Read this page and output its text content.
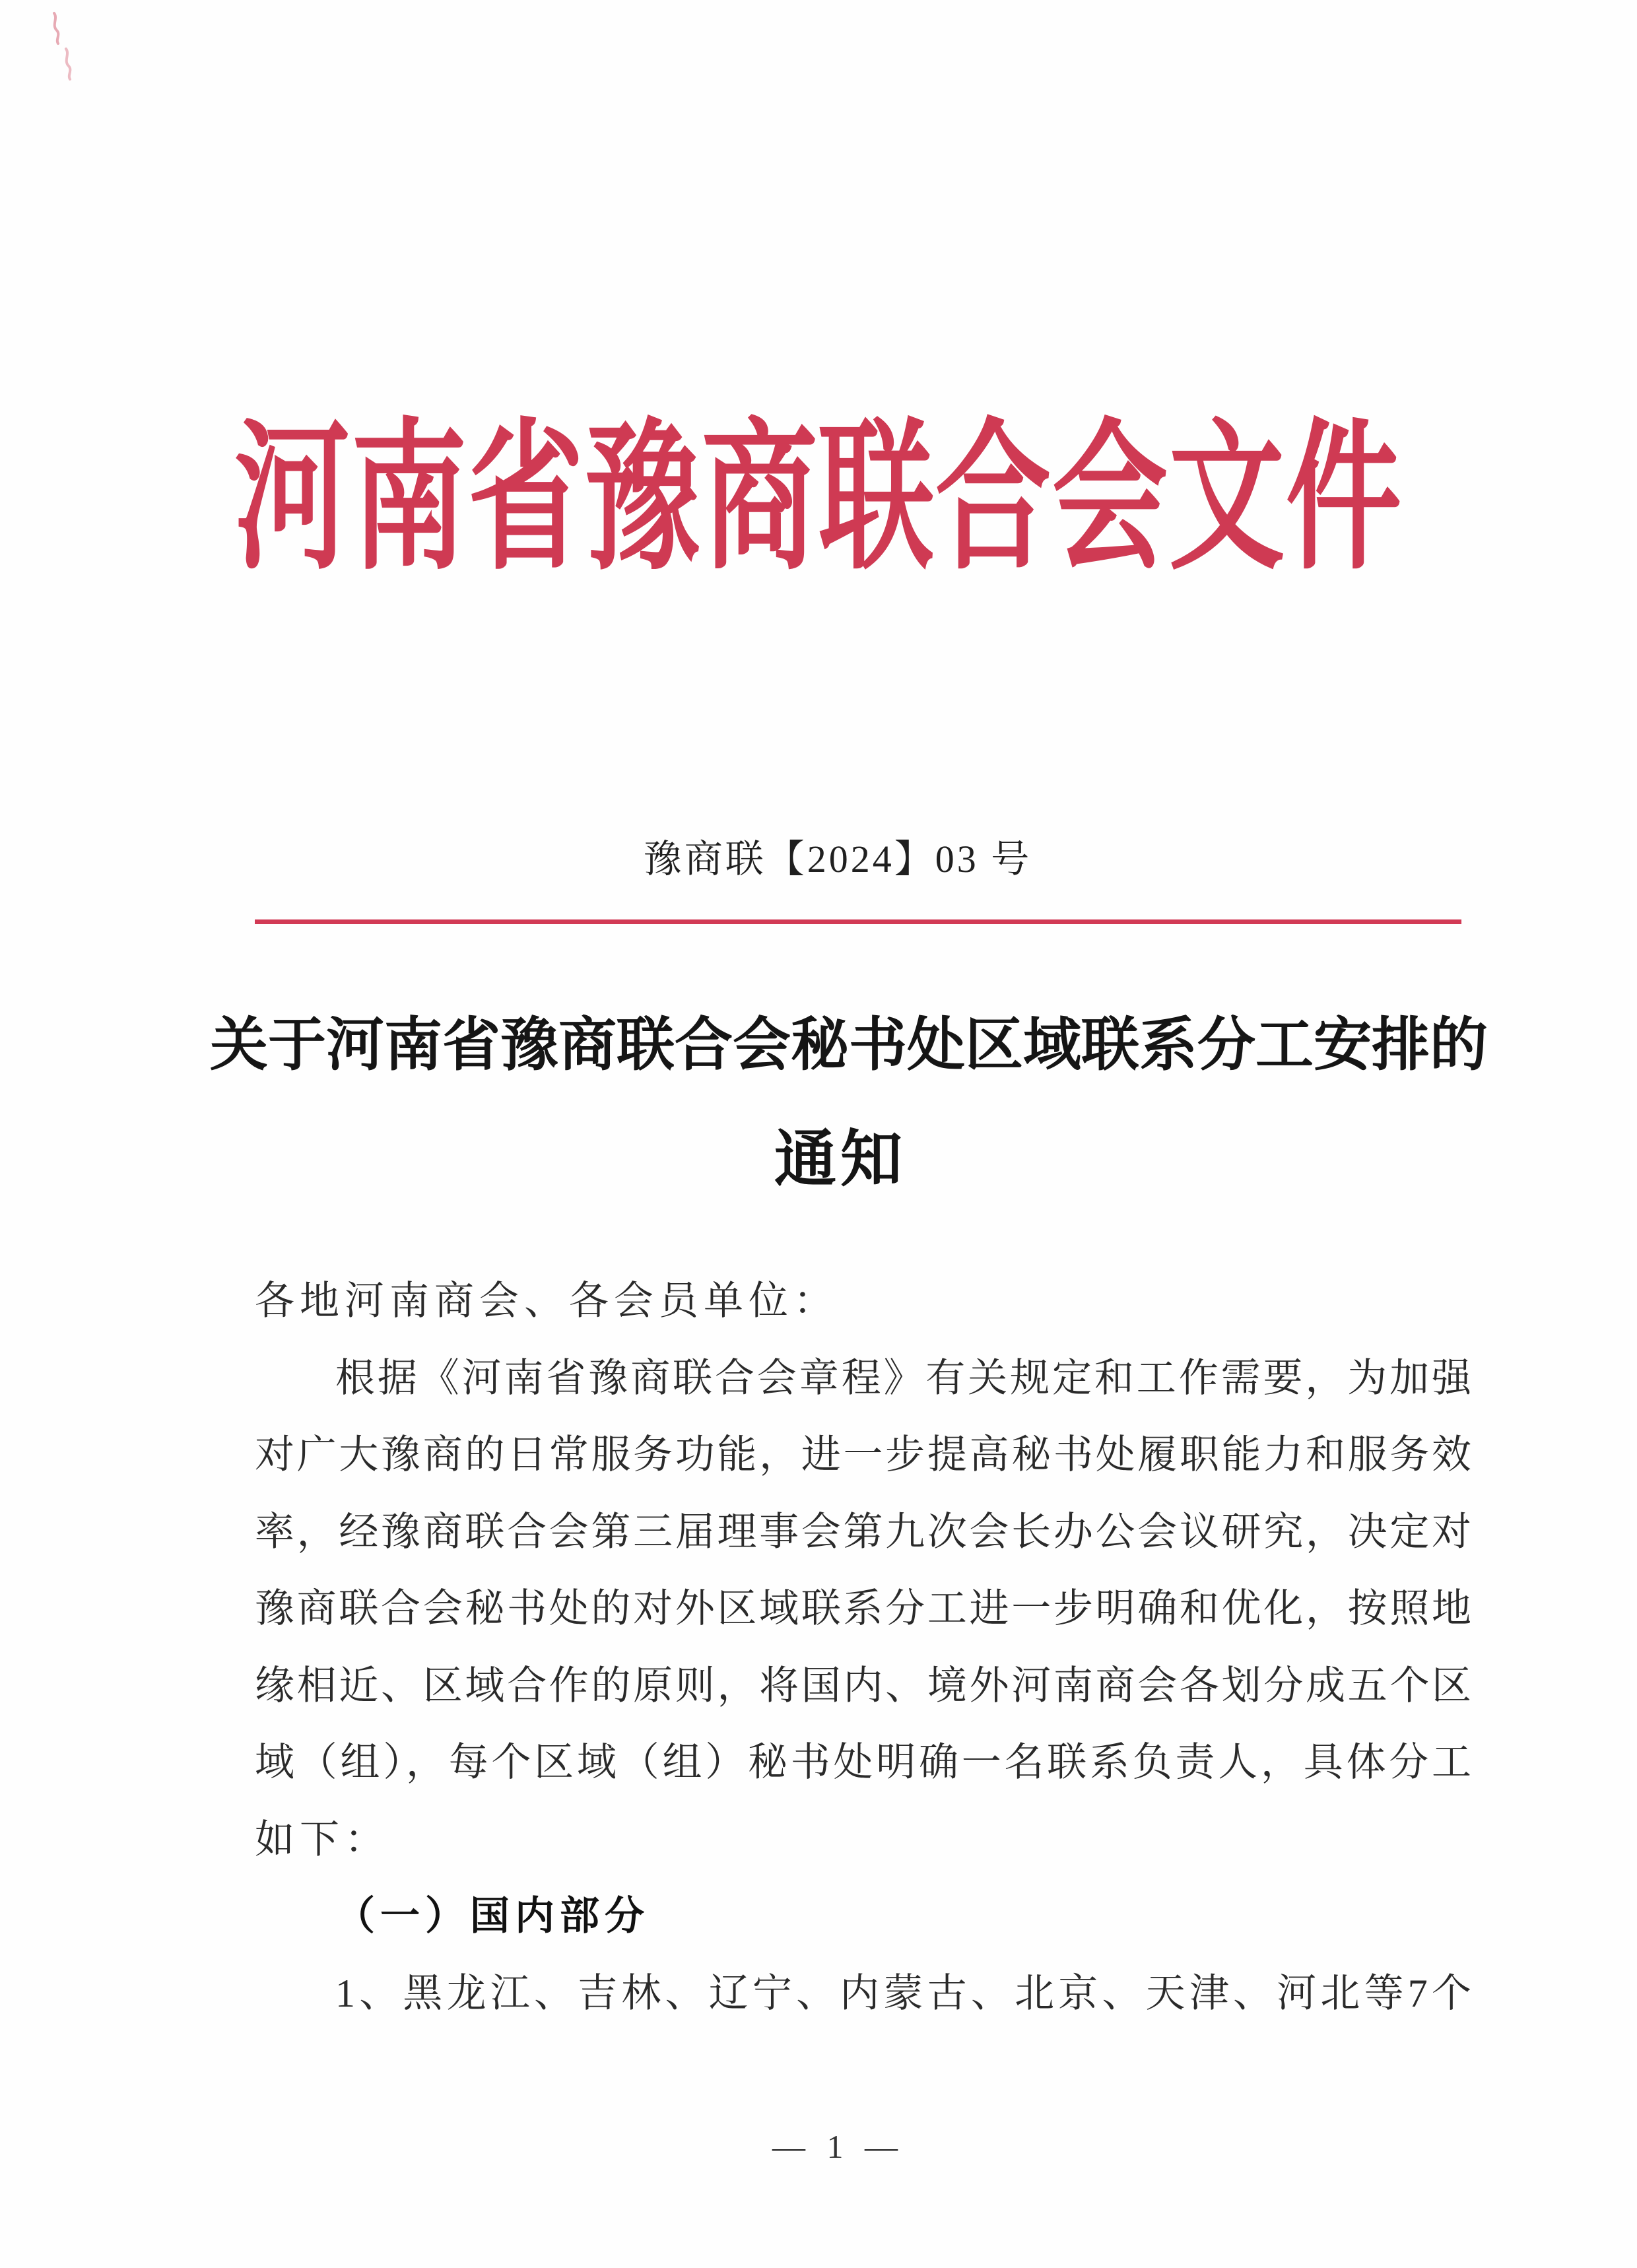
河南省豫商联合会文件
豫商联【2024】03 号
关于河南省豫商联合会秘书处区域联系分工安排的
通知
各地河南商会、各会员单位：
根据《河南省豫商联合会章程》有关规定和工作需要，为加强
对广大豫商的日常服务功能，进一步提高秘书处履职能力和服务效
率，经豫商联合会第三届理事会第九次会长办公会议研究，决定对
豫商联合会秘书处的对外区域联系分工进一步明确和优化，按照地
缘相近、区域合作的原则，将国内、境外河南商会各划分成五个区
域（组），每个区域（组）秘书处明确一名联系负责人，具体分工
如下：
（一）国内部分
1、黑龙江、吉林、辽宁、内蒙古、北京、天津、河北等7个
— 1 —
